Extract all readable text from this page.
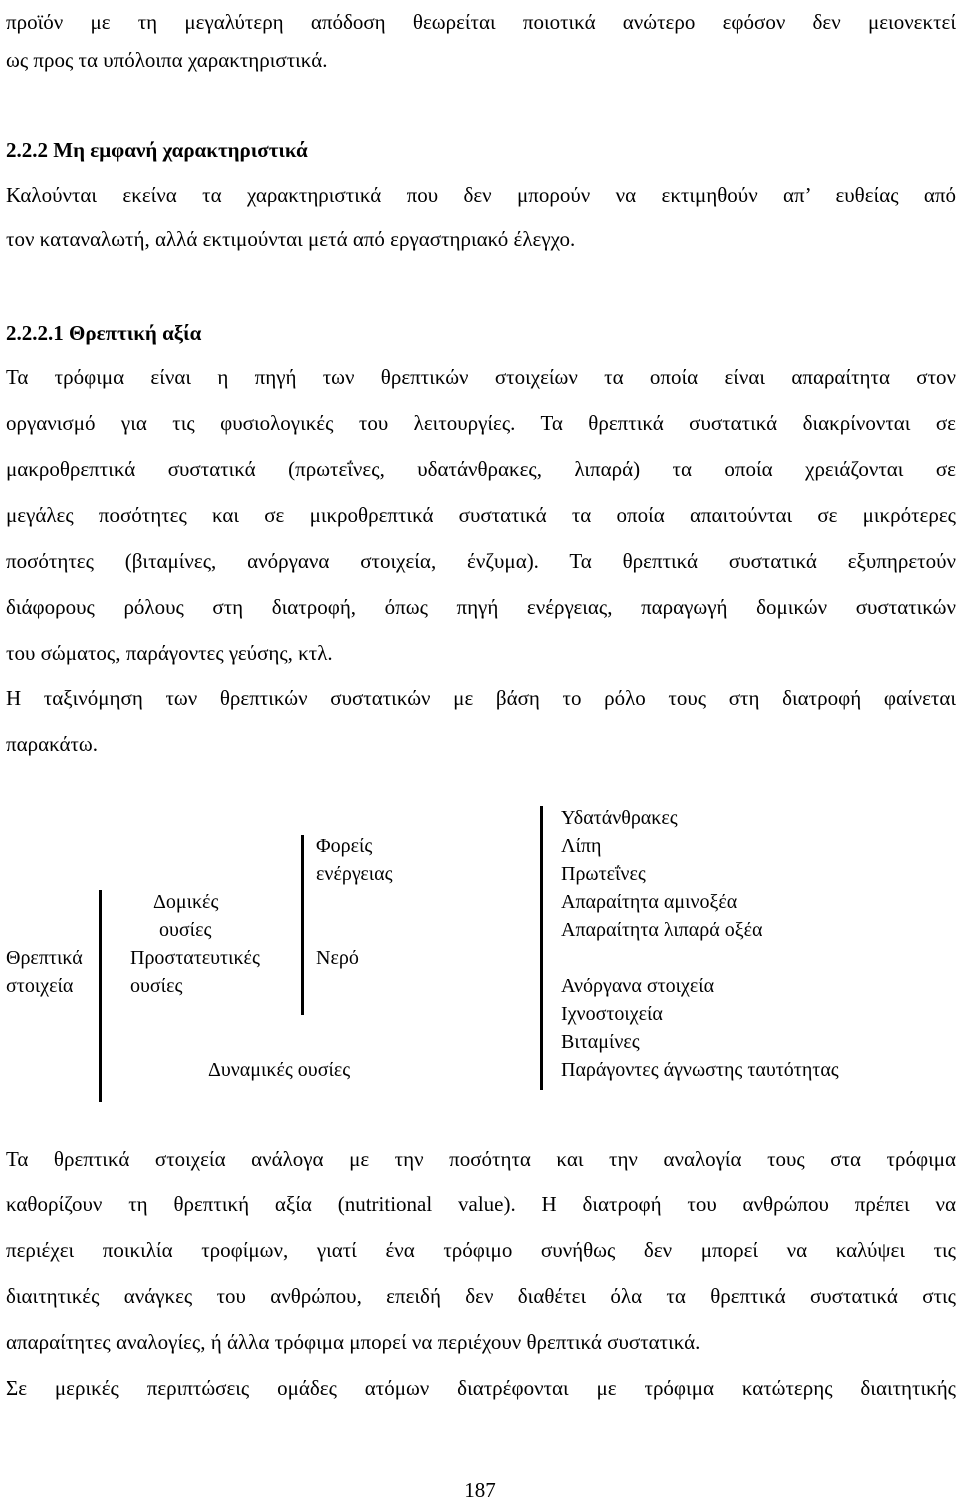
προϊόν με τη μεγαλύτερη απόδοση θεωρείται ποιοτικά ανώτερο εφόσον δεν μειονεκτεί
ως προς τα υπόλοιπα χαρακτηριστικά.
2.2.2 Μη εμφανή χαρακτηριστικά
Καλούνται εκείνα τα χαρακτηριστικά που δεν μπορούν να εκτιμηθούν απ’ ευθείας από
τον καταναλωτή, αλλά εκτιμούνται μετά από εργαστηριακό έλεγχο.
2.2.2.1 Θρεπτική αξία
Τα τρόφιμα είναι η πηγή των θρεπτικών στοιχείων τα οποία είναι απαραίτητα στον
οργανισμό για τις φυσιολογικές του λειτουργίες. Τα θρεπτικά συστατικά διακρίνονται σε
μακροθρεπτικά συστατικά (πρωτεΐνες, υδατάνθρακες, λιπαρά) τα οποία χρειάζονται σε
μεγάλες ποσότητες και σε μικροθρεπτικά συστατικά τα οποία απαιτούνται σε μικρότερες
ποσότητες (βιταμίνες, ανόργανα στοιχεία, ένζυμα). Τα θρεπτικά συστατικά εξυπηρετούν
διάφορους ρόλους στη διατροφή, όπως πηγή ενέργειας, παραγωγή δομικών συστατικών
του σώματος, παράγοντες γεύσης, κτλ.
Η ταξινόμηση των θρεπτικών συστατικών με βάση το ρόλο τους στη διατροφή φαίνεται
παρακάτω.
Θρεπτικά
στοιχεία
Δομικές
ουσίες
Προστατευτικές
ουσίες
Φορείς
ενέργειας
Νερό
Δυναμικές ουσίες
Υδατάνθρακες
Λίπη
Πρωτεΐνες
Απαραίτητα αμινοξέα
Απαραίτητα λιπαρά οξέα
Ανόργανα στοιχεία
Ιχνοστοιχεία
Βιταμίνες
Παράγοντες άγνωστης ταυτότητας
Τα θρεπτικά στοιχεία ανάλογα με την ποσότητα και την αναλογία τους στα τρόφιμα
καθορίζουν τη θρεπτική αξία (nutritional value). Η διατροφή του ανθρώπου πρέπει να
περιέχει ποικιλία τροφίμων, γιατί ένα τρόφιμο συνήθως δεν μπορεί να καλύψει τις
διαιτητικές ανάγκες του ανθρώπου, επειδή δεν διαθέτει όλα τα θρεπτικά συστατικά στις
απαραίτητες αναλογίες, ή άλλα τρόφιμα μπορεί να περιέχουν θρεπτικά συστατικά.
Σε μερικές περιπτώσεις ομάδες ατόμων διατρέφονται με τρόφιμα κατώτερης διαιτητικής
187
